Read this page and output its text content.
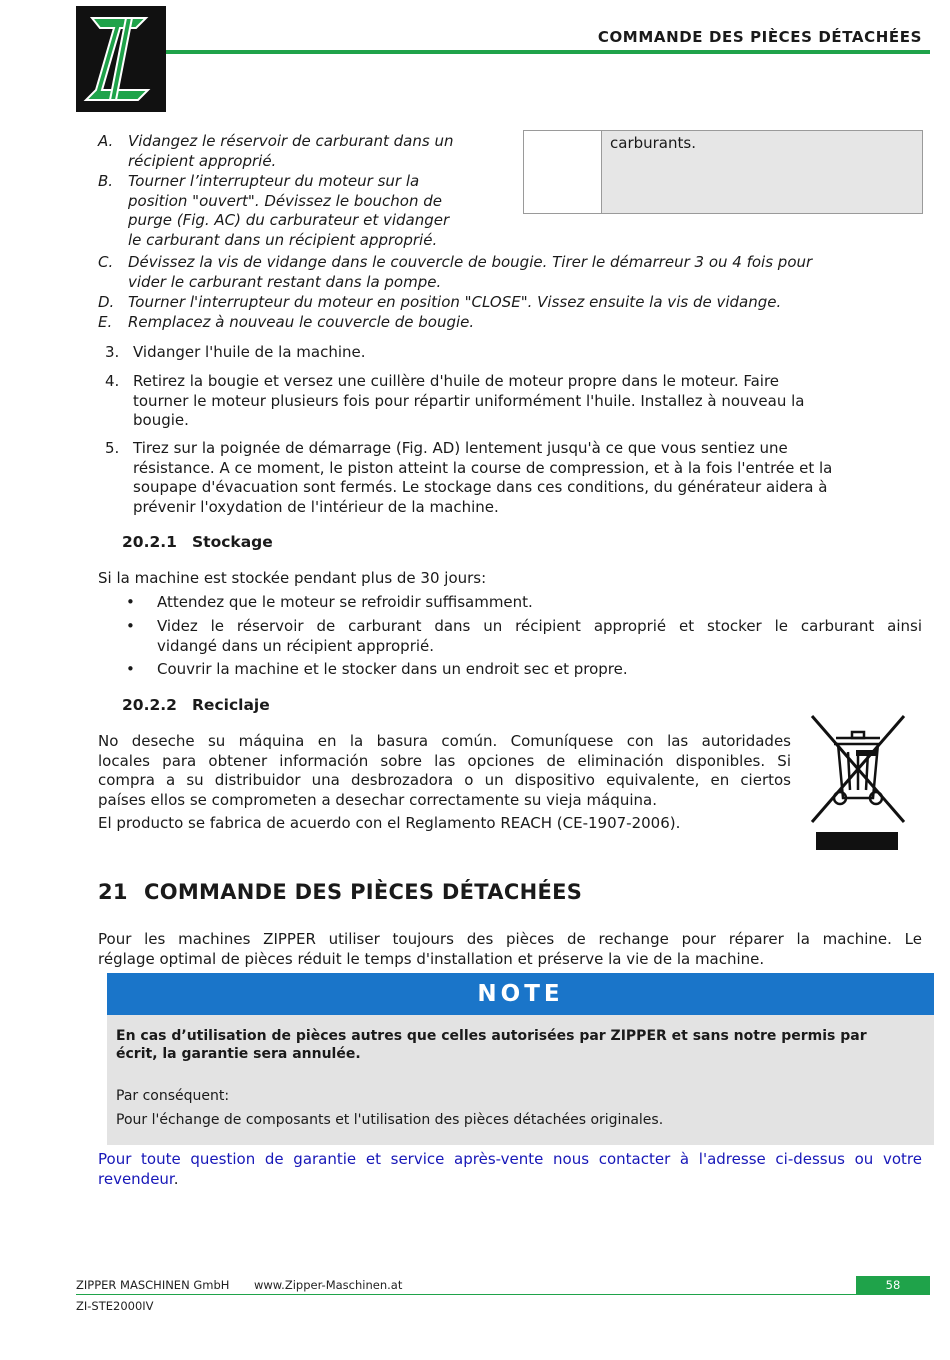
COMMANDE DES PIÈCES DÉTACHÉES
carburants.
A. Vidangez le réservoir de carburant dans un
récipient approprié.
B. Tourner l’interrupteur du moteur sur la
position "ouvert". Dévissez le bouchon de
purge (Fig. AC) du carburateur et vidanger
le carburant dans un récipient approprié.
C. Dévissez la vis de vidange dans le couvercle de bougie. Tirer le démarreur 3 ou 4 fois pour
vider le carburant restant dans la pompe.
D. Tourner l'interrupteur du moteur en position "CLOSE". Vissez ensuite la vis de vidange.
E.	Remplacez à nouveau le couvercle de bougie.
3. Vidanger l'huile de la machine.
4. Retirez la bougie et versez une cuillère d'huile de moteur propre dans le moteur. Faire
tourner le moteur plusieurs fois pour répartir uniformément l'huile. Installez à nouveau la
bougie.
5. Tirez sur la poignée de démarrage (Fig. AD) lentement jusqu'à ce que vous sentiez une
résistance. A ce moment, le piston atteint la course de compression, et à la fois l'entrée et la
soupape d'évacuation sont fermés. Le stockage dans ces conditions, du générateur aidera à
prévenir l'oxydation de l'intérieur de la machine.
20.2.1 Stockage
Si la machine est stockée pendant plus de 30 jours:
• Attendez que le moteur se refroidir suffisamment.
• Videz le réservoir de carburant dans un récipient approprié et stocker le carburant ainsi
vidangé dans un récipient approprié.
• Couvrir la machine et le stocker dans un endroit sec et propre.
20.2.2 Reciclaje
No deseche su máquina en la basura común. Comuníquese con las autoridades
locales para obtener información sobre las opciones de eliminación disponibles. Si
compra a su distribuidor una desbrozadora o un dispositivo equivalente, en ciertos
países ellos se comprometen a desechar correctamente su vieja máquina.
El producto se fabrica de acuerdo con el Reglamento REACH (CE-1907-2006).
21 COMMANDE DES PIÈCES DÉTACHÉES
Pour les machines ZIPPER utiliser toujours des pièces de rechange pour réparer la machine. Le
réglage optimal de pièces réduit le temps d'installation et préserve la vie de la machine.
NOTE
En cas d’utilisation de pièces autres que celles autorisées par ZIPPER et sans notre permis par
écrit, la garantie sera annulée.
Par conséquent:
Pour l'échange de composants et l'utilisation des pièces détachées originales.
Pour toute question de garantie et service après-vente nous contacter à l'adresse ci-dessus ou votre
revendeur.
ZIPPER MASCHINEN GmbH www.Zipper-Maschinen.at	58
ZI-STE2000IV
